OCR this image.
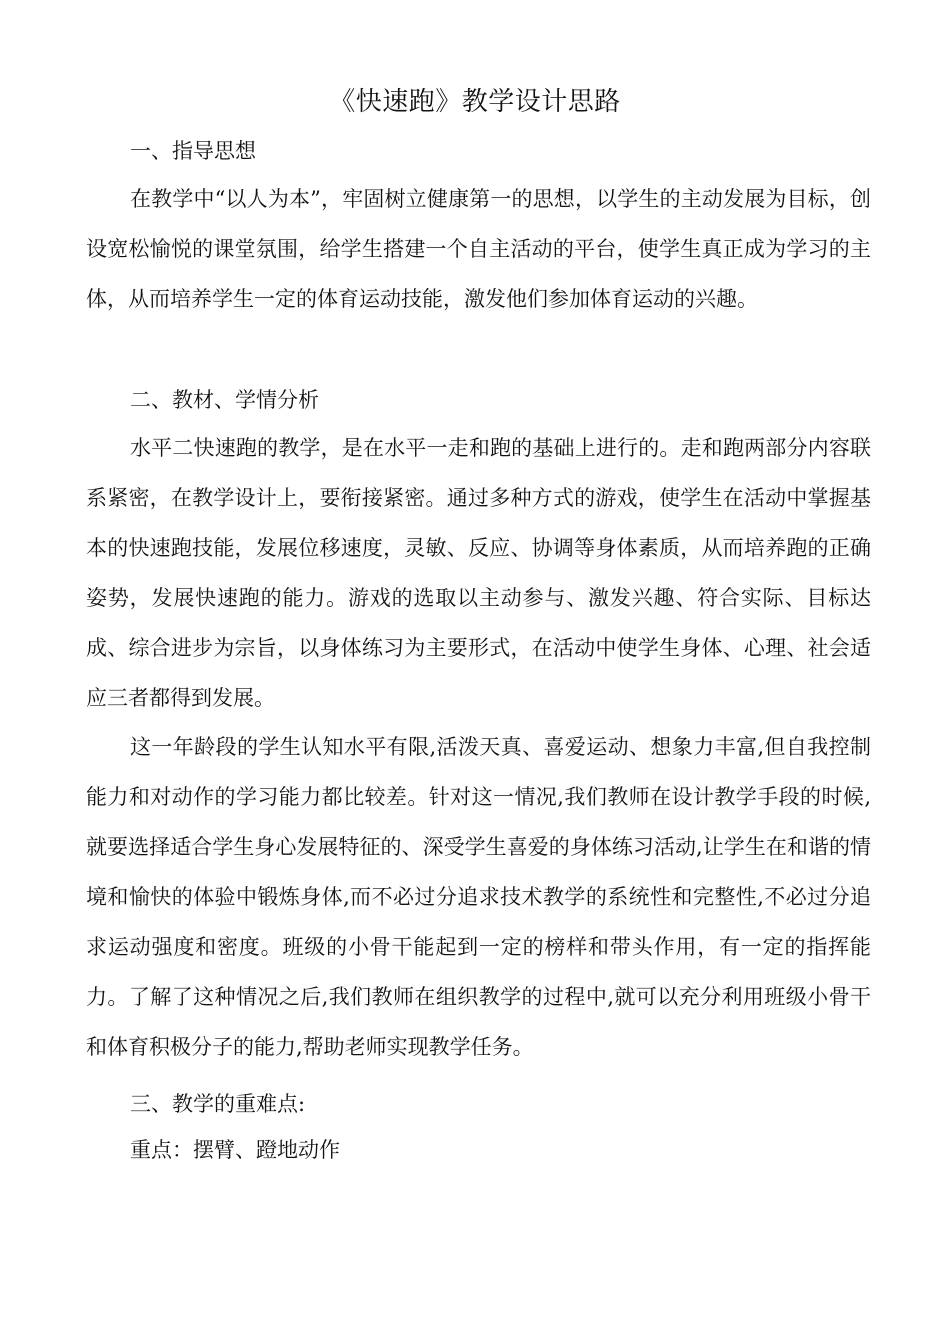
《快速跑》教学设计思路
一、指导思想

在教学中“以人为本”，牢固树立健康第一的思想，以学生的主动发展为目标，创设宽松愉悦的课堂氛围，给学生搭建一个自主活动的平台，使学生真正成为学习的主体，从而培养学生一定的体育运动技能，激发他们参加体育运动的兴趣。

二、教材、学情分析

水平二快速跑的教学，是在水平一走和跑的基础上进行的。走和跑两部分内容联系紧密，在教学设计上，要衔接紧密。通过多种方式的游戏，使学生在活动中掌握基本的快速跑技能，发展位移速度，灵敏、反应、协调等身体素质，从而培养跑的正确姿势，发展快速跑的能力。游戏的选取以主动参与、激发兴趣、符合实际、目标达成、综合进步为宗旨，以身体练习为主要形式，在活动中使学生身体、心理、社会适应三者都得到发展。

这一年龄段的学生认知水平有限,活泼天真、喜爱运动、想象力丰富,但自我控制能力和对动作的学习能力都比较差。针对这一情况,我们教师在设计教学手段的时候,就要选择适合学生身心发展特征的、深受学生喜爱的身体练习活动,让学生在和谐的情境和愉快的体验中锻炼身体,而不必过分追求技术教学的系统性和完整性,不必过分追求运动强度和密度。班级的小骨干能起到一定的榜样和带头作用，有一定的指挥能力。了解了这种情况之后,我们教师在组织教学的过程中,就可以充分利用班级小骨干和体育积极分子的能力,帮助老师实现教学任务。

三、教学的重难点:
重点：摆臂、蹬地动作
